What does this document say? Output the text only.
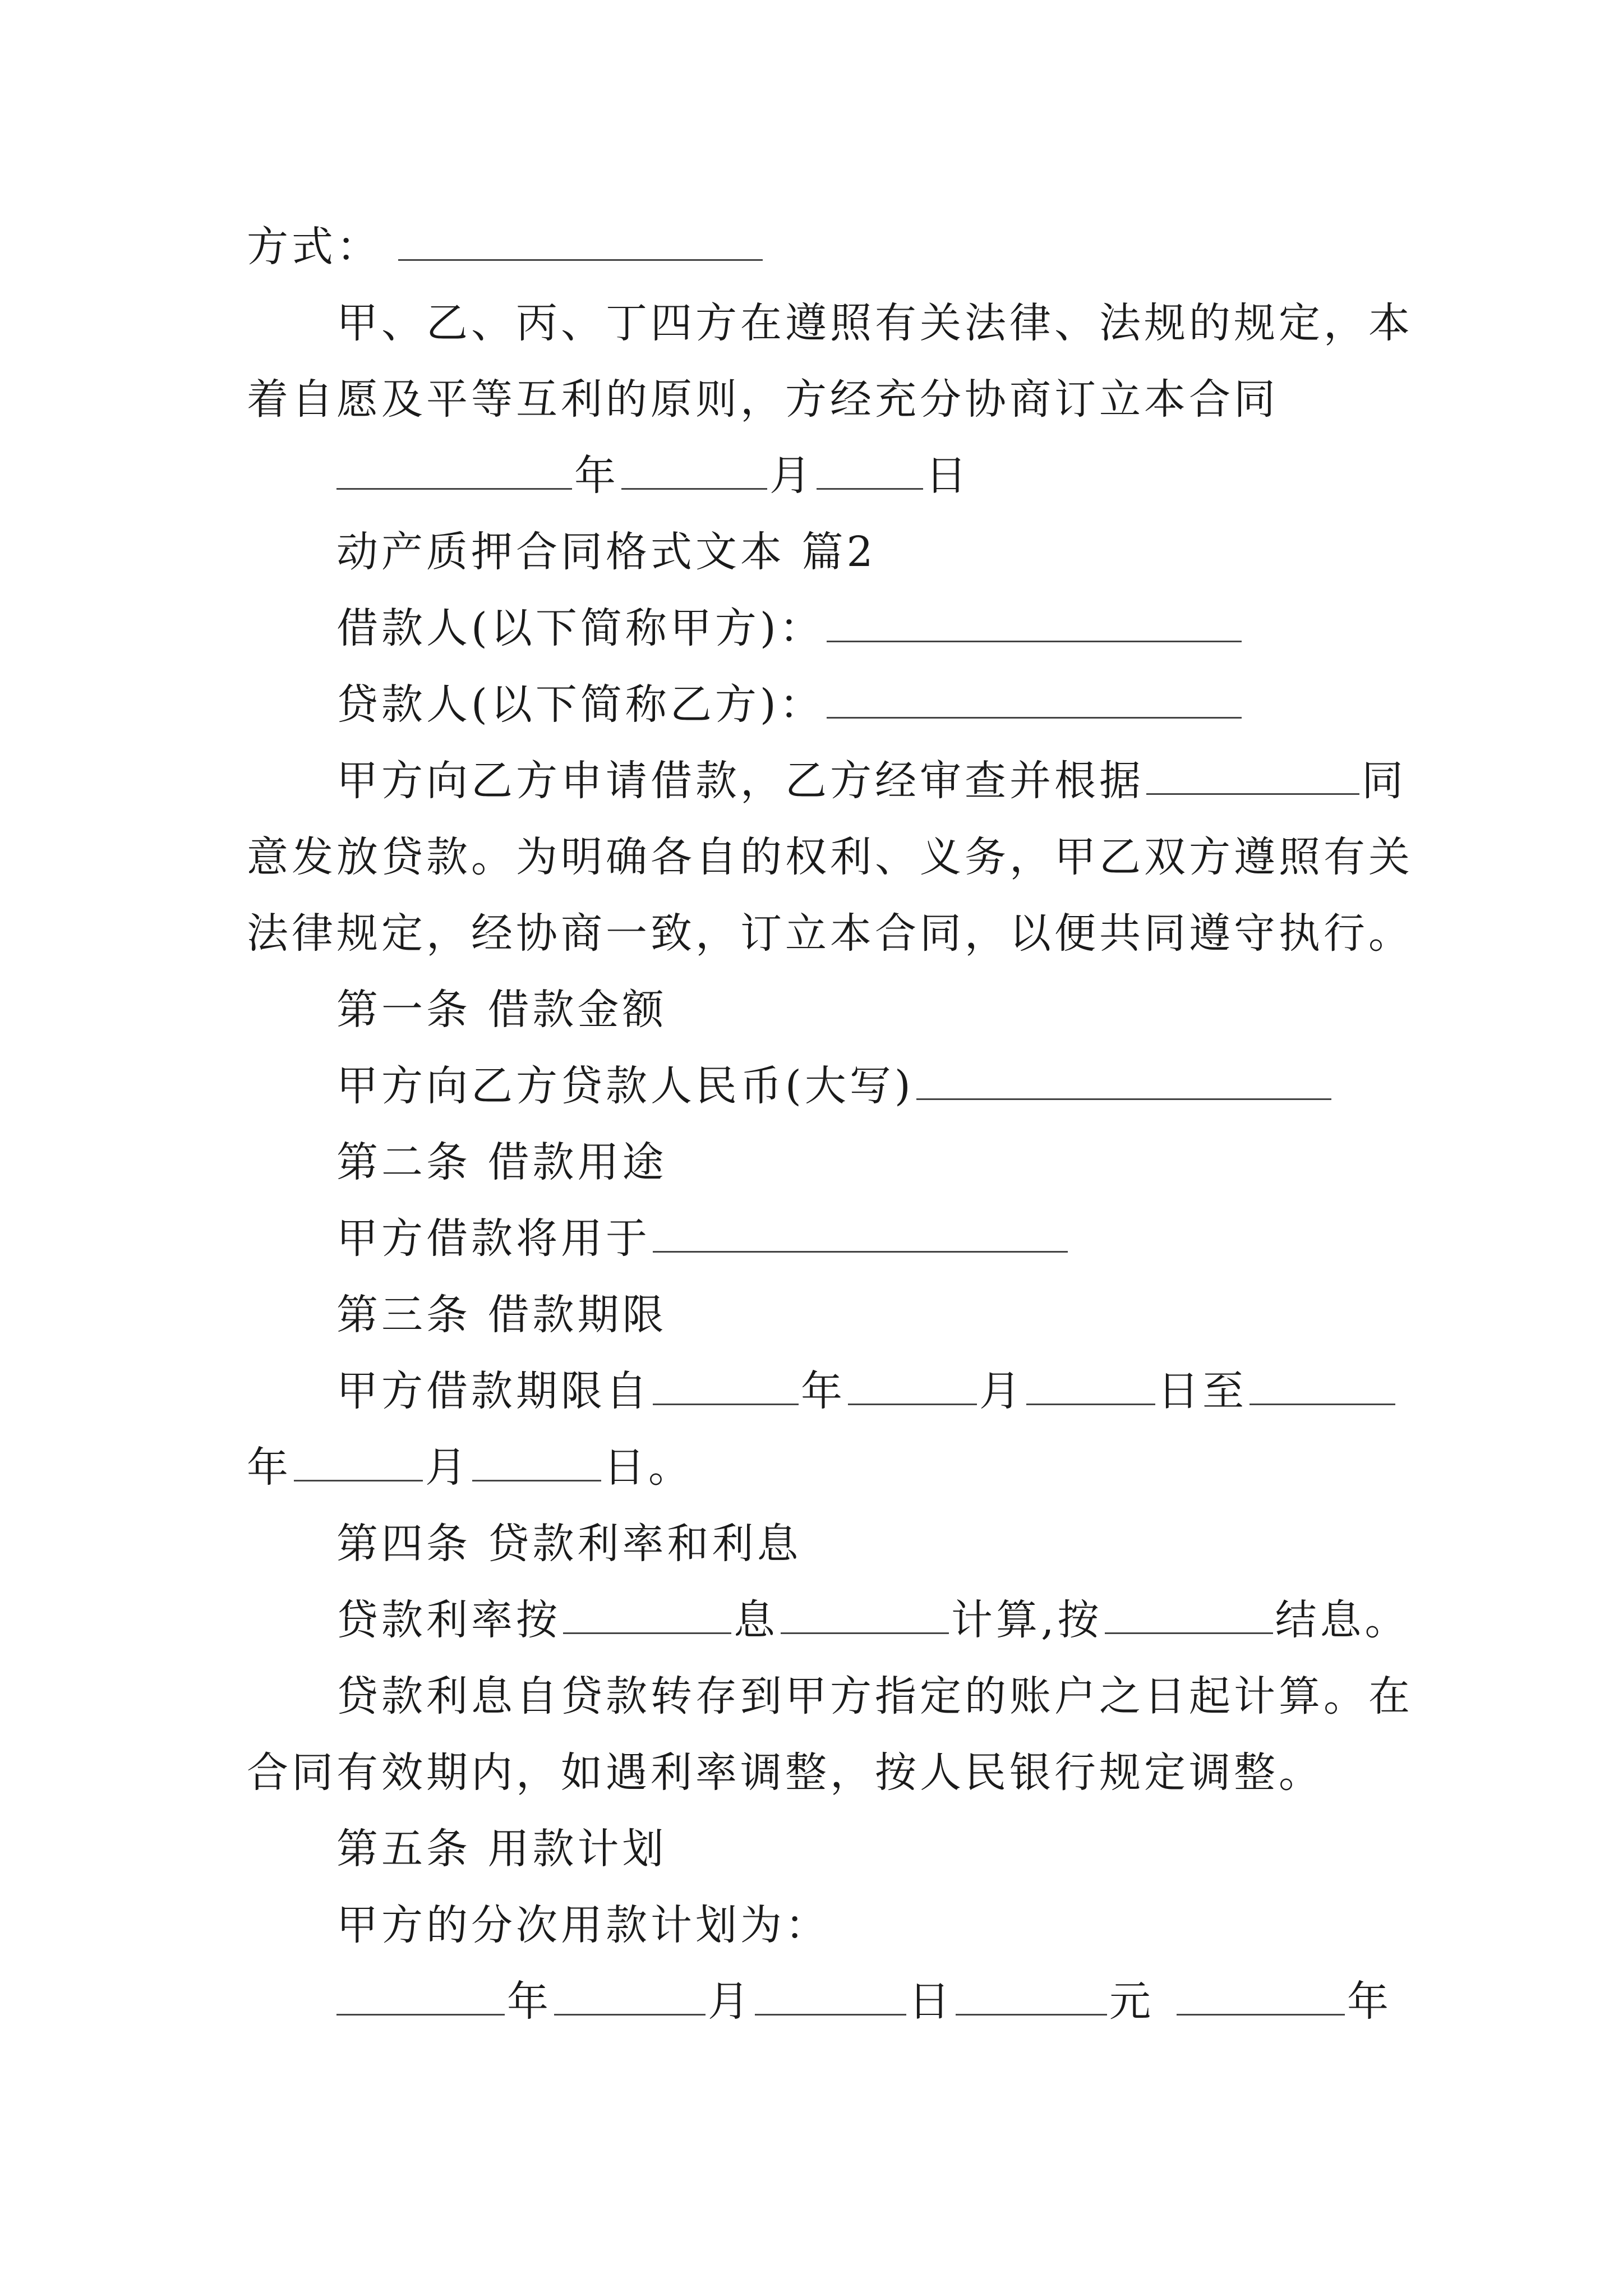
方式：
甲、乙、丙、丁四方在遵照有关法律、法规的规定，本
着自愿及平等互利的原则，方经充分协商订立本合同
年	月	日
动产质押合同格式文本 篇2
借款人(以下简称甲方)：
贷款人(以下简称乙方)：
甲方向乙方申请借款，乙方经审查并根据	同
意发放贷款。为明确各自的权利、义务，甲乙双方遵照有关
法律规定，经协商一致，订立本合同，以便共同遵守执行。
第一条 借款金额
甲方向乙方贷款人民币(大写)
第二条 借款用途
甲方借款将用于
第三条 借款期限
甲方借款期限自	年	月	日至
年	月	日。
第四条 贷款利率和利息
贷款利率按	息	计算,按	结息。
贷款利息自贷款转存到甲方指定的账户之日起计算。在
合同有效期内，如遇利率调整，按人民银行规定调整。
第五条 用款计划
甲方的分次用款计划为：
年	月	日	元	年
